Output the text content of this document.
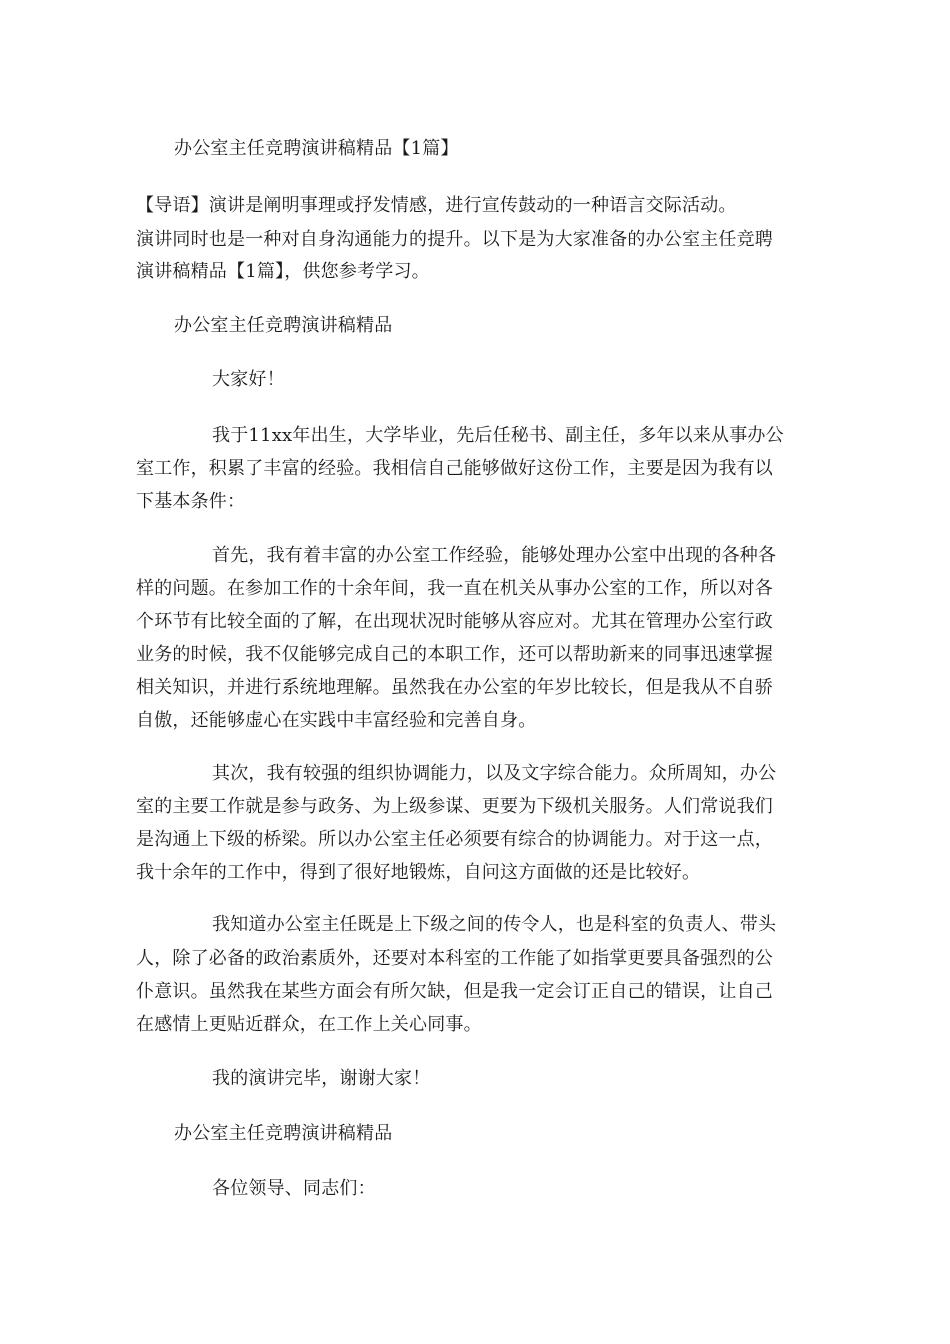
办公室主任竞聘演讲稿精品【1篇】
【导语】演讲是阐明事理或抒发情感，进行宣传鼓动的一种语言交际活动。
演讲同时也是一种对自身沟通能力的提升。以下是为大家准备的办公室主任竞聘
演讲稿精品【1篇】，供您参考学习。
办公室主任竞聘演讲稿精品
大家好！
我于11xx年出生，大学毕业，先后任秘书、副主任，多年以来从事办公
室工作，积累了丰富的经验。我相信自己能够做好这份工作，主要是因为我有以
下基本条件：
首先，我有着丰富的办公室工作经验，能够处理办公室中出现的各种各
样的问题。在参加工作的十余年间，我一直在机关从事办公室的工作，所以对各
个环节有比较全面的了解，在出现状况时能够从容应对。尤其在管理办公室行政
业务的时候，我不仅能够完成自己的本职工作，还可以帮助新来的同事迅速掌握
相关知识，并进行系统地理解。虽然我在办公室的年岁比较长，但是我从不自骄
自傲，还能够虚心在实践中丰富经验和完善自身。
其次，我有较强的组织协调能力，以及文字综合能力。众所周知，办公
室的主要工作就是参与政务、为上级参谋、更要为下级机关服务。人们常说我们
是沟通上下级的桥梁。所以办公室主任必须要有综合的协调能力。对于这一点，
我十余年的工作中，得到了很好地锻炼，自问这方面做的还是比较好。
我知道办公室主任既是上下级之间的传令人，也是科室的负责人、带头
人，除了必备的政治素质外，还要对本科室的工作能了如指掌更要具备强烈的公
仆意识。虽然我在某些方面会有所欠缺，但是我一定会订正自己的错误，让自己
在感情上更贴近群众，在工作上关心同事。
我的演讲完毕，谢谢大家！
办公室主任竞聘演讲稿精品
各位领导、同志们：
